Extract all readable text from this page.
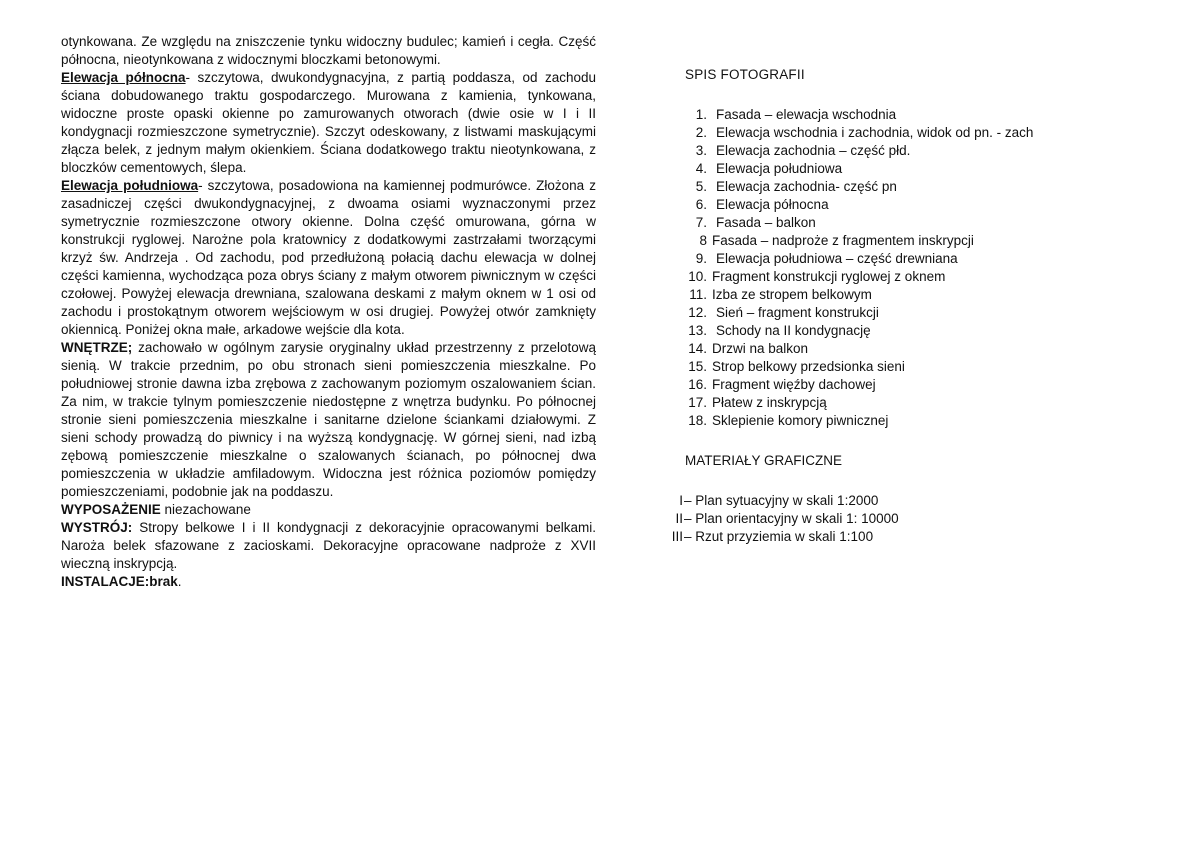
otynkowana. Ze względu na zniszczenie tynku widoczny budulec; kamień i cegła. Część północna, nieotynkowana z widocznymi bloczkami betonowymi.

Elewacja północna- szczytowa, dwukondygnacyjna, z partią poddasza, od zachodu ściana dobudowanego traktu gospodarczego. Murowana z kamienia, tynkowana, widoczne proste opaski okienne po zamurowanych otworach (dwie osie w I i II kondygnacji rozmieszczone symetrycznie). Szczyt odeskowany, z listwami maskującymi złącza belek, z jednym małym okienkiem. Ściana dodatkowego traktu nieotynkowana, z bloczków cementowych, ślepa.

Elewacja południowa- szczytowa, posadowiona na kamiennej podmurówce. Złożona z zasadniczej części dwukondygnacyjnej, z dwoama osiami wyznaczonymi przez symetrycznie rozmieszczone otwory okienne. Dolna część omurowana, górna w konstrukcji ryglowej. Narożne pola kratownicy z dodatkowymi zastrzałami tworzącymi krzyż św. Andrzeja . Od zachodu, pod przedłużoną połacią dachu elewacja w dolnej części kamienna, wychodząca poza obrys ściany z małym otworem piwnicznym w części czołowej. Powyżej elewacja drewniana, szalowana deskami z małym oknem w 1 osi od zachodu i prostokątnym otworem wejściowym w osi drugiej. Powyżej otwór zamknięty okiennicą. Poniżej okna małe, arkadowe wejście dla kota.

WNĘTRZE; zachowało w ogólnym zarysie oryginalny układ przestrzenny z przelotową sienią. W trakcie przednim, po obu stronach sieni pomieszczenia mieszkalne. Po południowej stronie dawna izba zrębowa z zachowanym poziomym oszalowaniem ścian. Za nim, w trakcie tylnym pomieszczenie niedostępne z wnętrza budynku. Po północnej stronie sieni pomieszczenia mieszkalne i sanitarne dzielone ściankami działowymi. Z sieni schody prowadzą do piwnicy i na wyższą kondygnację. W górnej sieni, nad izbą zębową pomieszczenie mieszkalne o szalowanych ścianach, po północnej dwa pomieszczenia w układzie amfiladowym. Widoczna jest różnica poziomów pomiędzy pomieszczeniami, podobnie jak na poddaszu.

WYPOSAŻENIE niezachowane

WYSTRÓJ: Stropy belkowe I i II kondygnacji z dekoracyjnie opracowanymi belkami. Naroża belek sfazowane z zacioskami. Dekoracyjne opracowane nadproże z XVII wieczną inskrypcją.

INSTALACJE:brak.

SPIS FOTOGRAFII
1. Fasada – elewacja wschodnia
2. Elewacja wschodnia i zachodnia, widok od pn. - zach
3. Elewacja zachodnia – część płd.
4. Elewacja południowa
5. Elewacja zachodnia- część pn
6. Elewacja północna
7. Fasada – balkon
8 Fasada – nadproże z fragmentem inskrypcji
9. Elewacja południowa – część drewniana
10. Fragment konstrukcji ryglowej z oknem
11. Izba ze stropem belkowym
12. Sień – fragment konstrukcji
13. Schody na II kondygnację
14. Drzwi na balkon
15. Strop belkowy przedsionka sieni
16. Fragment więźby dachowej
17. Płatew z inskrypcją
18. Sklepienie komory piwnicznej
MATERIAŁY GRAFICZNE
I – Plan sytuacyjny w skali 1:2000
II – Plan orientacyjny w skali 1: 10000
III – Rzut przyziemia w skali 1:100
